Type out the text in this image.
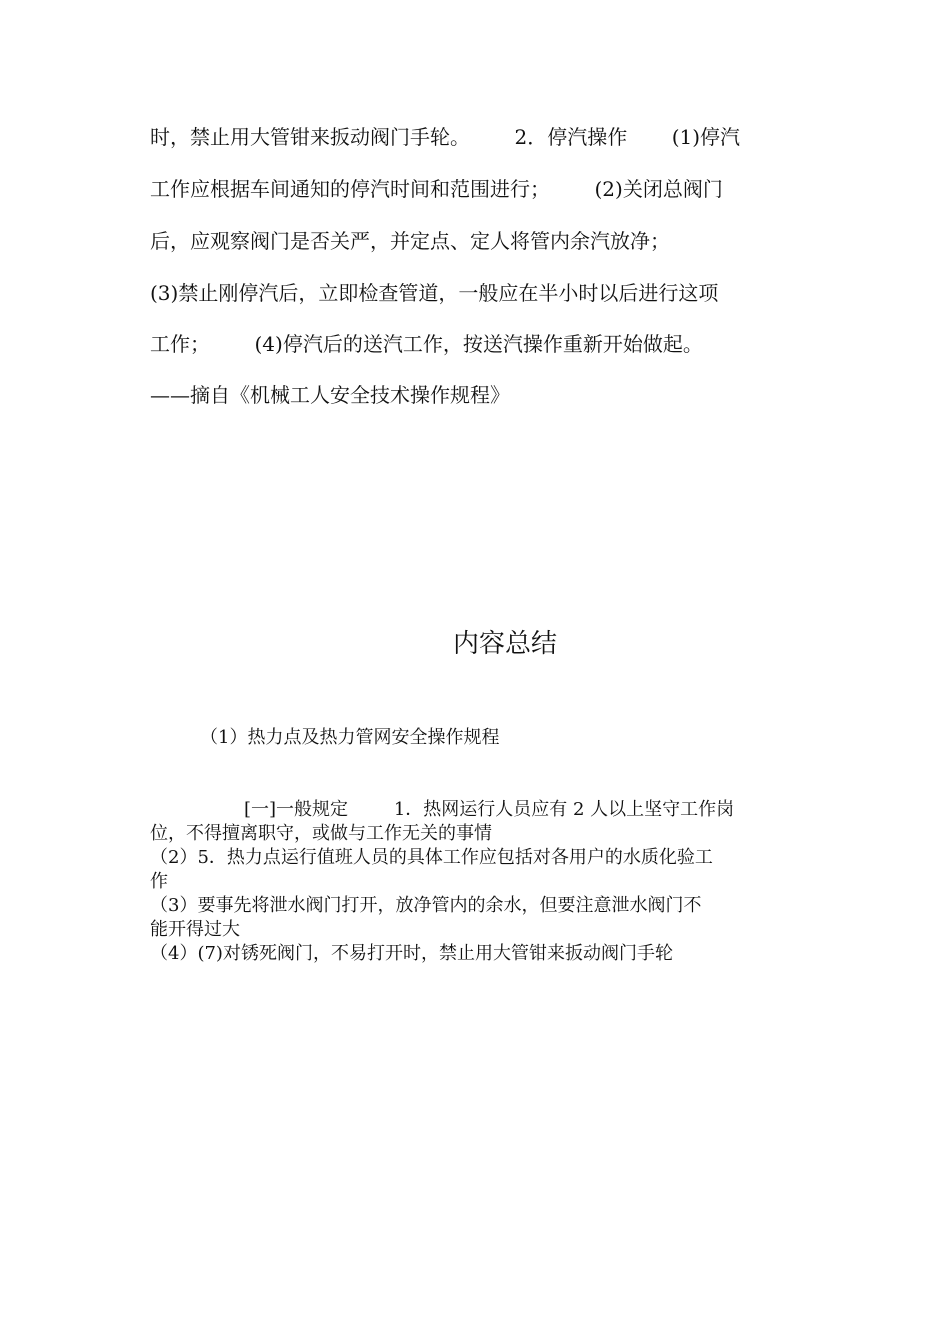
时，禁止用大管钳来扳动阀门手轮。       2．停汽操作       (1)停汽
工作应根据车间通知的停汽时间和范围进行；       (2)关闭总阀门
后，应观察阀门是否关严，并定点、定人将管内余汽放净；
(3)禁止刚停汽后，立即检查管道，一般应在半小时以后进行这项
工作；       (4)停汽后的送汽工作，按送汽操作重新开始做起。
——摘自《机械工人安全技术操作规程》
内容总结
（1）热力点及热力管网安全操作规程
[一]一般规定        1．热网运行人员应有 2 人以上坚守工作岗
位，不得擅离职守，或做与工作无关的事情
（2）5．热力点运行值班人员的具体工作应包括对各用户的水质化验工
作
（3）要事先将泄水阀门打开，放净管内的余水，但要注意泄水阀门不
能开得过大
（4）(7)对锈死阀门，不易打开时，禁止用大管钳来扳动阀门手轮
